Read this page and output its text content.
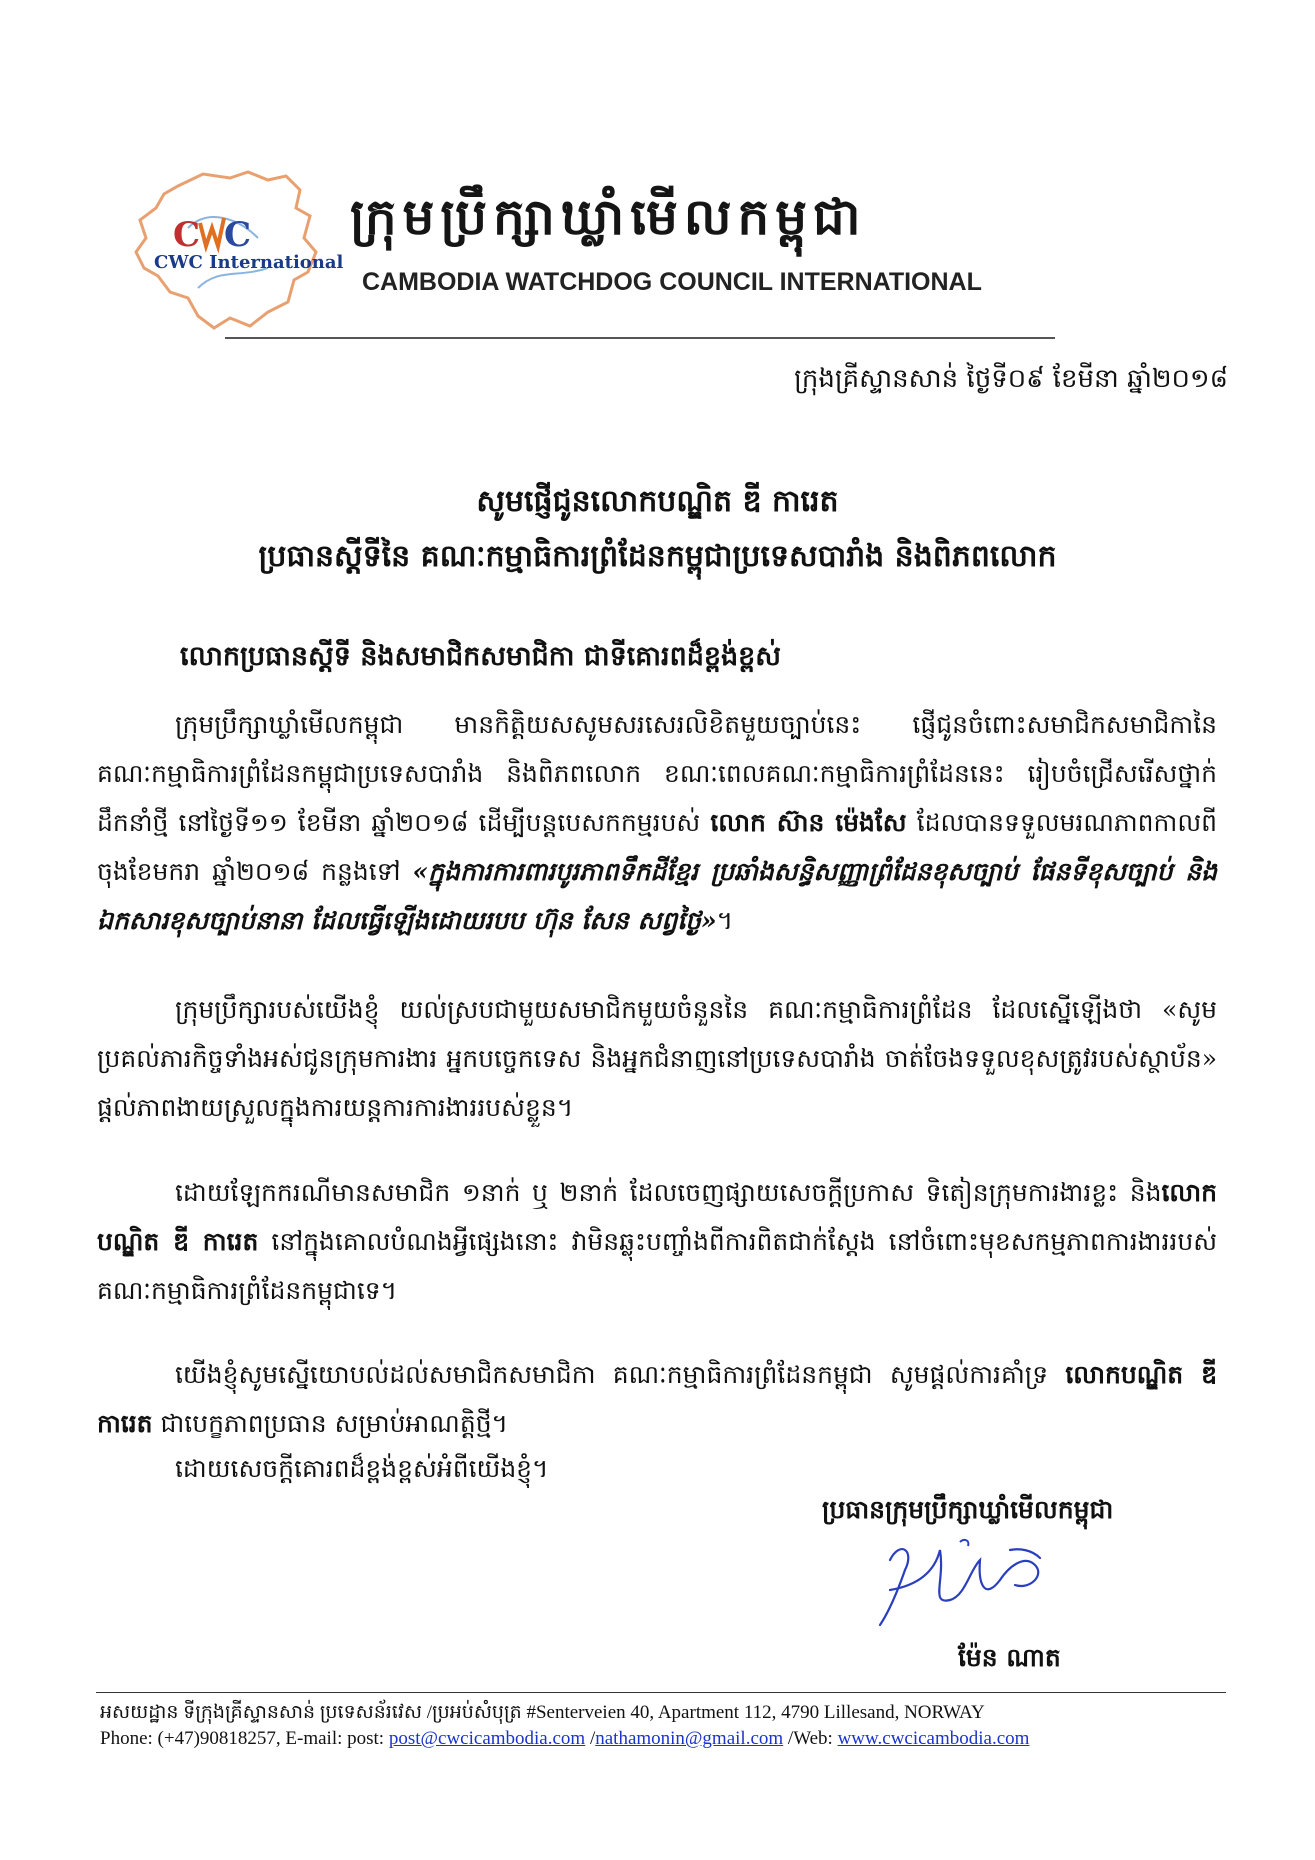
C C
CWC International
ក្រុមប្រឹក្សាឃ្លាំមើលកម្ពុជា
CAMBODIA WATCHDOG COUNCIL INTERNATIONAL
ក្រុងគ្រីស្ទានសាន់ ថ្ងៃទី០៩ ខែមីនា ឆ្នាំ២០១៨
សូមផ្ញើជូនលោកបណ្ឌិត ឌី ការេត
ប្រធានស្តីទីនៃ គណៈកម្មាធិការព្រំដែនកម្ពុជាប្រទេសបារាំង និងពិភពលោក
លោកប្រធានស្តីទី និងសមាជិកសមាជិកា ជាទីគោរពដ៏ខ្ពង់ខ្ពស់
ក្រុមប្រឹក្សាឃ្លាំមើលកម្ពុជា មានកិត្តិយសសូមសរសេរលិខិតមួយច្បាប់នេះ ផ្ញើជូនចំពោះសមាជិកសមាជិកានៃ គណៈកម្មាធិការព្រំដែនកម្ពុជាប្រទេសបារាំង និងពិភពលោក ខណៈពេលគណៈកម្មាធិការព្រំដែននេះ រៀបចំជ្រើសរើសថ្នាក់ដឹកនាំថ្មី នៅថ្ងៃទី១១ ខែមីនា ឆ្នាំ២០១៨ ដើម្បីបន្តបេសកកម្មរបស់ លោក ស៊ាន ម៉េងសែ ដែលបានទទួលមរណភាពកាលពីចុងខែមករា ឆ្នាំ២០១៨ កន្លងទៅ «ក្នុងការការពារបូរភាពទឹកដីខ្មែរ ប្រឆាំងសន្ធិសញ្ញាព្រំដែនខុសច្បាប់ ផែនទីខុសច្បាប់ និងឯកសារខុសច្បាប់នានា ដែលធ្វើឡើងដោយរបប ហ៊ុន សែន សព្វថ្ងៃ»។
ក្រុមប្រឹក្សារបស់យើងខ្ញុំ យល់ស្របជាមួយសមាជិកមួយចំនួននៃ គណៈកម្មាធិការព្រំដែន ដែលស្នើឡើងថា «សូមប្រគល់ភារកិច្ចទាំងអស់ជូនក្រុមការងារ អ្នកបច្ចេកទេស និងអ្នកជំនាញនៅប្រទេសបារាំង ចាត់ចែងទទួលខុសត្រូវរបស់ស្ថាប័ន» ផ្តល់ភាពងាយស្រួលក្នុងការយន្តការការងាររបស់ខ្លួន។
ដោយឡែកករណីមានសមាជិក ១នាក់ ឬ ២នាក់ ដែលចេញផ្សាយសេចក្តីប្រកាស ទិតៀនក្រុមការងារខ្លះ និងលោកបណ្ឌិត ឌី ការេត នៅក្នុងគោលបំណងអ្វីផ្សេងនោះ វាមិនឆ្លុះបញ្ចាំងពីការពិតជាក់ស្តែង នៅចំពោះមុខសកម្មភាពការងាររបស់គណៈកម្មាធិការព្រំដែនកម្ពុជាទេ។
យើងខ្ញុំសូមស្នើយោបល់ដល់សមាជិកសមាជិកា គណៈកម្មាធិការព្រំដែនកម្ពុជា សូមផ្តល់ការគាំទ្រ លោកបណ្ឌិត ឌី ការេត ជាបេក្ខភាពប្រធាន សម្រាប់អាណត្តិថ្មី។
ដោយសេចក្តីគោរពដ៏ខ្ពង់ខ្ពស់អំពីយើងខ្ញុំ។
ប្រធានក្រុមប្រឹក្សាឃ្លាំមើលកម្ពុជា
ម៉ែន ណាត
អសយដ្ឋាន ទីក្រុងគ្រីស្ទានសាន់ ប្រទេសន័រវេស /ប្រអប់សំបុត្រ #Senterveien 40, Apartment 112, 4790 Lillesand, NORWAY
Phone: (+47)90818257, E-mail: post: post@cwcicambodia.com /nathamonin@gmail.com /Web: www.cwcicambodia.com
